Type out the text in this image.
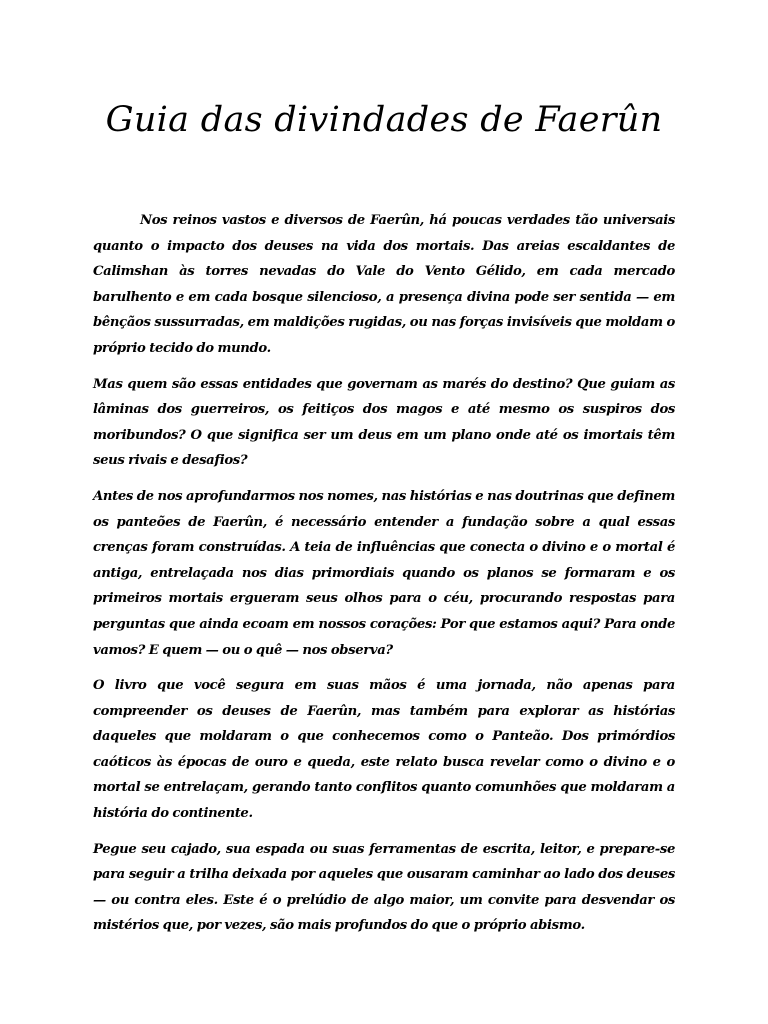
Guia das divindades de Faerûn

Nos reinos vastos e diversos de Faerûn, há poucas verdades tão universais quanto o impacto dos deuses na vida dos mortais. Das areias escaldantes de Calimshan às torres nevadas do Vale do Vento Gélido, em cada mercado barulhento e em cada bosque silencioso, a presença divina pode ser sentida — em bênçãos sussurradas, em maldições rugidas, ou nas forças invisíveis que moldam o próprio tecido do mundo.

Mas quem são essas entidades que governam as marés do destino? Que guiam as lâminas dos guerreiros, os feitiços dos magos e até mesmo os suspiros dos moribundos? O que significa ser um deus em um plano onde até os imortais têm seus rivais e desafios?

Antes de nos aprofundarmos nos nomes, nas histórias e nas doutrinas que definem os panteões de Faerûn, é necessário entender a fundação sobre a qual essas crenças foram construídas. A teia de influências que conecta o divino e o mortal é antiga, entrelaçada nos dias primordiais quando os planos se formaram e os primeiros mortais ergueram seus olhos para o céu, procurando respostas para perguntas que ainda ecoam em nossos corações: Por que estamos aqui? Para onde vamos? E quem — ou o quê — nos observa?

O livro que você segura em suas mãos é uma jornada, não apenas para compreender os deuses de Faerûn, mas também para explorar as histórias daqueles que moldaram o que conhecemos como o Panteão. Dos primórdios caóticos às épocas de ouro e queda, este relato busca revelar como o divino e o mortal se entrelaçam, gerando tanto conflitos quanto comunhões que moldaram a história do continente.

Pegue seu cajado, sua espada ou suas ferramentas de escrita, leitor, e prepare-se para seguir a trilha deixada por aqueles que ousaram caminhar ao lado dos deuses — ou contra eles. Este é o prelúdio de algo maior, um convite para desvendar os mistérios que, por vezes, são mais profundos do que o próprio abismo.
